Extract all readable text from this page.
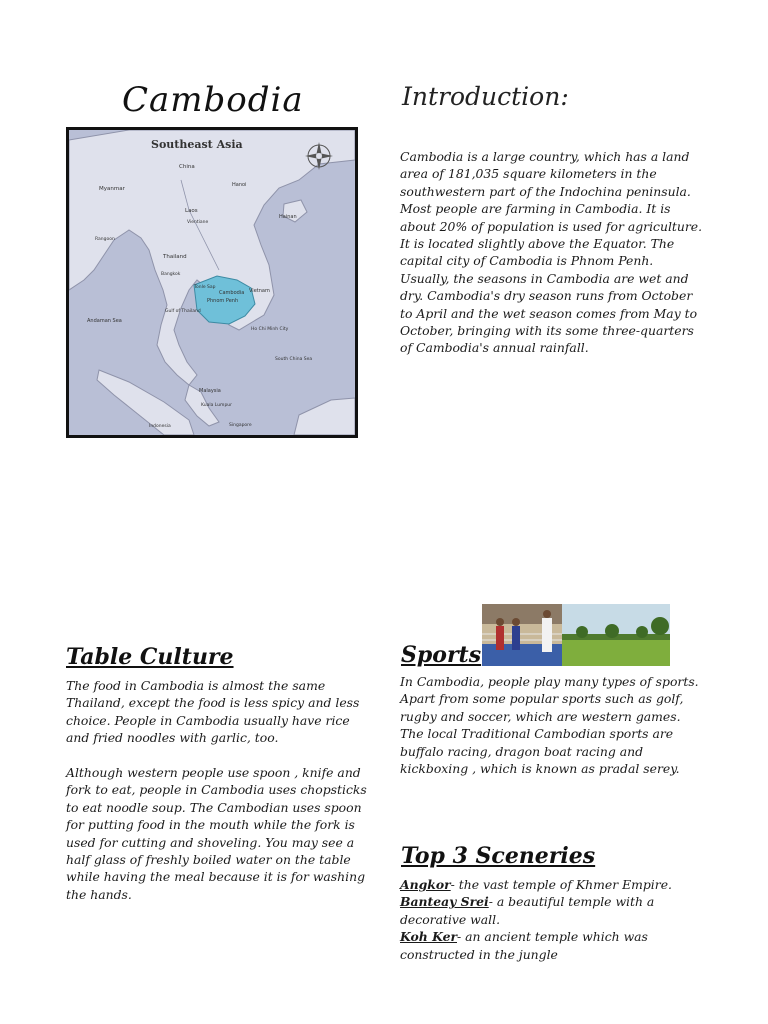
Cambodia
Southeast Asia
China
Myanmar
Hanoi
Laos
Vientiane
Hainan
Rangoon
Thailand
Bangkok
Gulf of Thailand
Tonle Sap
Cambodia
Phnom Penh
Vietnam
Ho Chi Minh City
Andaman Sea
South China Sea
Malaysia
Kuala Lumpur
Indonesia	Singapore
Introduction:

Cambodia is a large country, which has a land area of 181,035 square kilometers in the southwestern part of the Indochina peninsula. Most people are farming in Cambodia. It is about 20% of population is used for agriculture. It is located slightly above the Equator. The capital city of Cambodia is Phnom Penh. Usually, the seasons in Cambodia are wet and dry. Cambodia's dry season runs from October to April and the wet season comes from May to October, bringing with its some three-quarters of Cambodia's annual rainfall.

Table Culture

The food in Cambodia is almost the same Thailand, except the food is less spicy and less choice. People in Cambodia usually have rice and fried noodles with garlic, too.

Although western people use spoon , knife and fork to eat, people in Cambodia uses chopsticks to eat noodle soup. The Cambodian uses spoon for putting food in the mouth while the fork is used for cutting and shoveling. You may see a half glass of freshly boiled water on the table while having the meal because it is for washing the hands.

Sports

In Cambodia, people play many types of sports. Apart from some popular sports such as golf, rugby and soccer, which are western games. The local Traditional Cambodian sports are buffalo racing, dragon boat racing and kickboxing , which is known as pradal serey.

Top 3 Sceneries
Angkor- the vast temple of Khmer Empire.
Banteay Srei- a beautiful temple with a decorative wall.
Koh Ker- an ancient temple which was constructed in the jungle
